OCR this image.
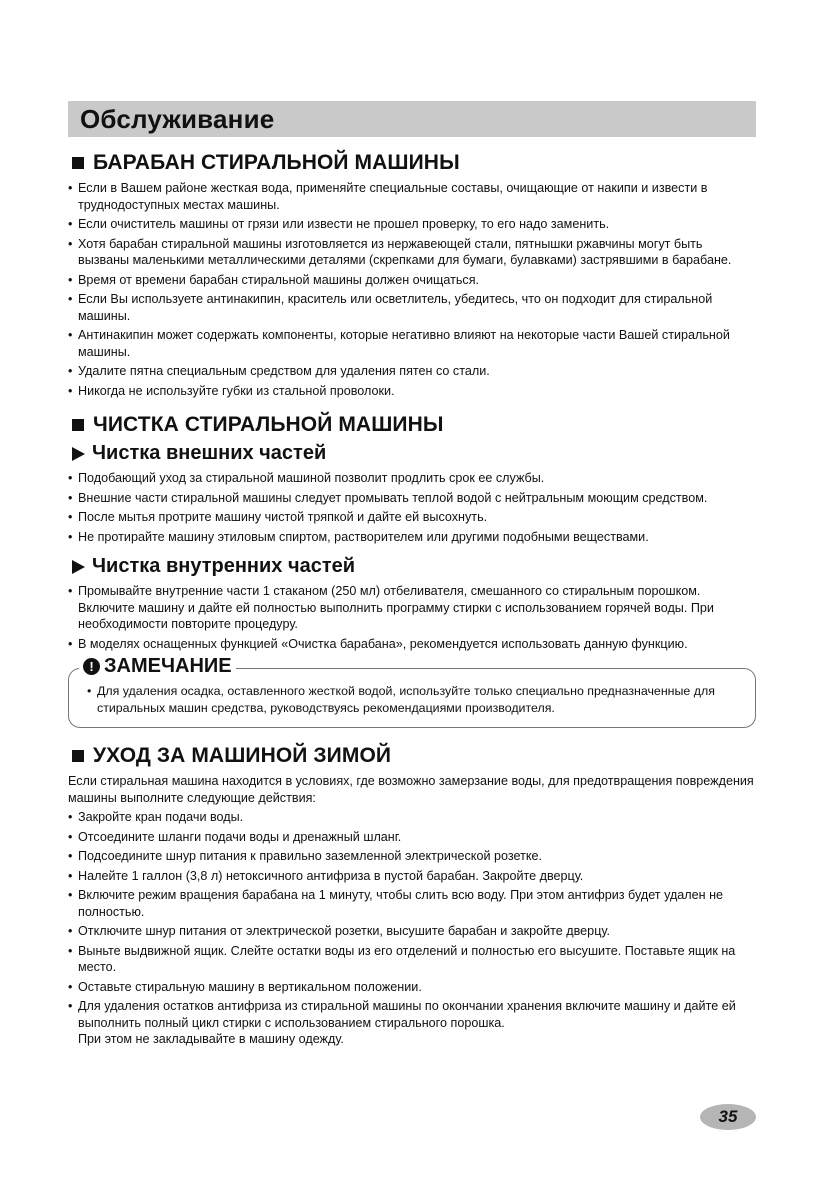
Обслуживание
БАРАБАН СТИРАЛЬНОЙ МАШИНЫ
• Если в Вашем районе жесткая вода, применяйте специальные составы, очищающие от накипи и извести в труднодоступных местах машины.
• Если очиститель машины от грязи или извести не прошел проверку, то его надо заменить.
• Хотя барабан стиральной машины изготовляется из нержавеющей стали, пятнышки ржавчины могут быть вызваны маленькими металлическими деталями (скрепками для бумаги, булавками) застрявшими в барабане.
• Время от времени барабан стиральной машины должен очищаться.
• Если Вы используете антинакипин, краситель или осветлитель, убедитесь, что он подходит для стиральной машины.
• Антинакипин может содержать компоненты, которые негативно влияют на некоторые части Вашей стиральной машины.
• Удалите пятна специальным средством для удаления пятен со стали.
• Никогда не используйте губки из стальной проволоки.
ЧИСТКА СТИРАЛЬНОЙ МАШИНЫ
Чистка внешних частей
• Подобающий уход за стиральной машиной позволит продлить срок ее службы.
• Внешние части стиральной машины следует промывать теплой водой с нейтральным моющим средством.
• После мытья протрите машину чистой тряпкой и дайте ей высохнуть.
• Не протирайте машину этиловым спиртом, растворителем или другими подобными веществами.
Чистка внутренних частей
• Промывайте внутренние части 1 стаканом (250 мл) отбеливателя, смешанного со стиральным порошком. Включите машину и дайте ей полностью выполнить программу стирки с использованием горячей воды. При необходимости повторите процедуру.
• В моделях оснащенных функцией «Очистка барабана», рекомендуется использовать данную функцию.
! ЗАМЕЧАНИЕ
• Для удаления осадка, оставленного жесткой водой, используйте только специально предназначенные для стиральных машин средства, руководствуясь рекомендациями производителя.
УХОД ЗА МАШИНОЙ ЗИМОЙ

Если стиральная машина находится в условиях, где возможно замерзание воды, для предотвращения повреждения машины выполните следующие действия:

• Закройте кран подачи воды.
• Отсоедините шланги подачи воды и дренажный шланг.
• Подсоедините шнур питания к правильно заземленной электрической розетке.
• Налейте 1 галлон (3,8 л) нетоксичного антифриза в пустой барабан. Закройте дверцу.
• Включите режим вращения барабана на 1 минуту, чтобы слить всю воду. При этом антифриз будет удален не полностью.
• Отключите шнур питания от электрической розетки, высушите барабан и закройте дверцу.
• Выньте выдвижной ящик. Слейте остатки воды из его отделений и полностью его высушите. Поставьте ящик на место.
• Оставьте стиральную машину в вертикальном положении.
• Для удаления остатков антифриза из стиральной машины по окончании хранения включите машину и дайте ей выполнить полный цикл стирки с использованием стирального порошка.
При этом не закладывайте в машину одежду.
35
